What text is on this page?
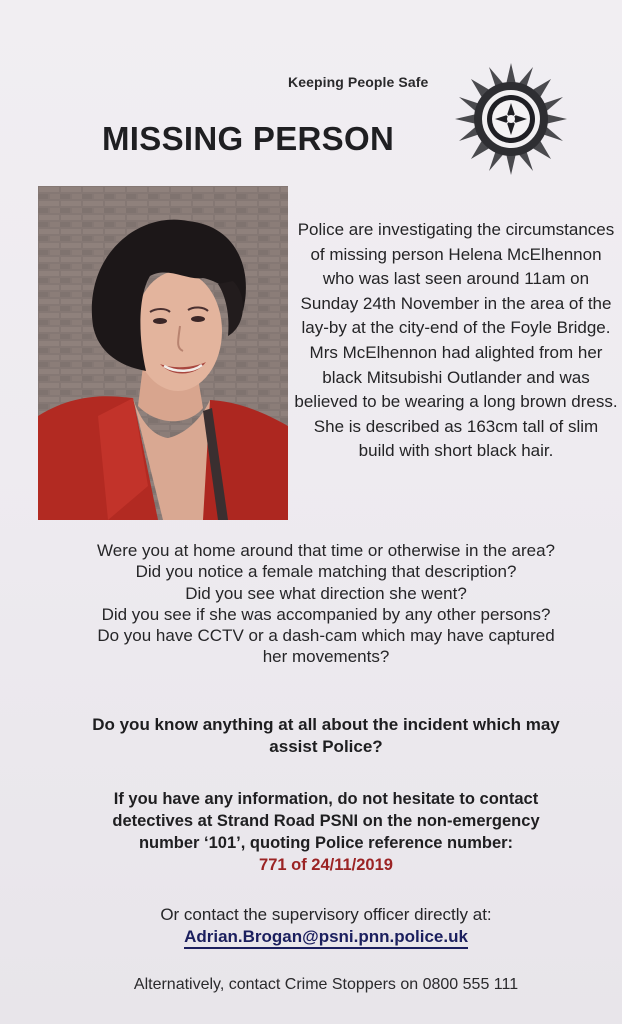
Keeping People Safe
MISSING PERSON

Police are investigating the circumstances of missing person Helena McElhennon who was last seen around 11am on Sunday 24th November in the area of the lay-by at the city-end of the Foyle Bridge. Mrs McElhennon had alighted from her black Mitsubishi Outlander and was believed to be wearing a long brown dress. She is described as 163cm tall of slim build with short black hair.

Were you at home around that time or otherwise in the area?
Did you notice a female matching that description?
Did you see what direction she went?
Did you see if she was accompanied by any other persons?
Do you have CCTV or a dash-cam which may have captured
her movements?
Do you know anything at all about the incident which may
assist Police?
If you have any information, do not hesitate to contact
detectives at Strand Road PSNI on the non-emergency
number ‘101’, quoting Police reference number:
771 of 24/11/2019
Or contact the supervisory officer directly at:
Adrian.Brogan@psni.pnn.police.uk
Alternatively, contact Crime Stoppers on 0800 555 111
